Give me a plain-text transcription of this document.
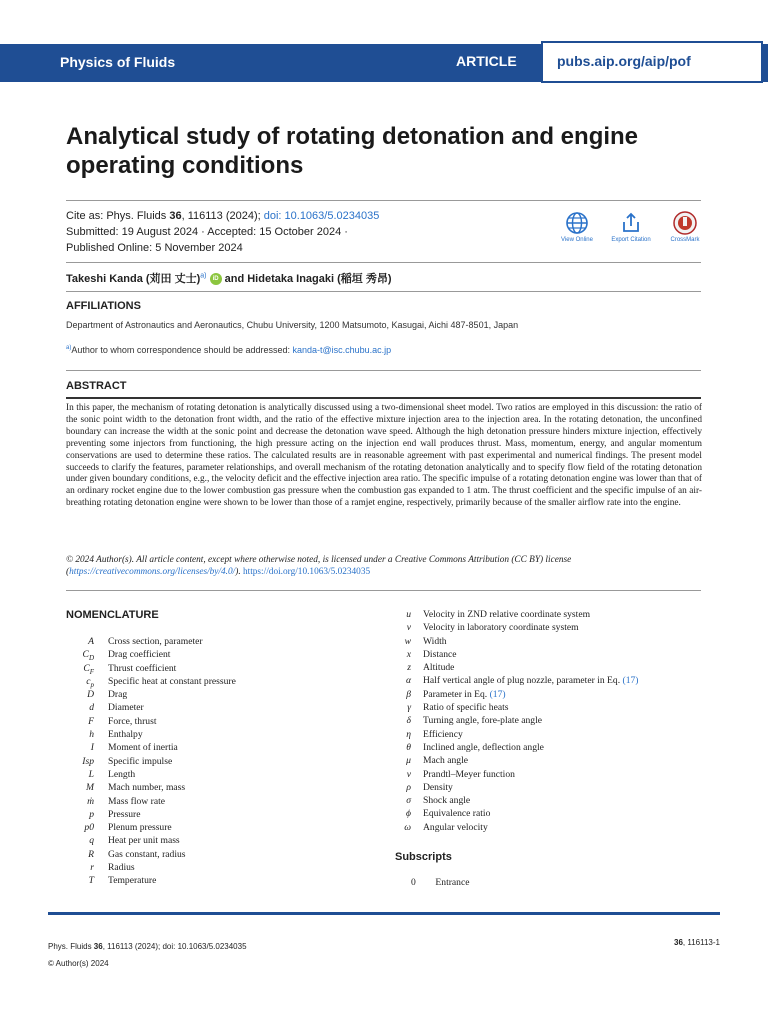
Physics of Fluids	ARTICLE	pubs.aip.org/aip/pof
Analytical study of rotating detonation and engine operating conditions
Cite as: Phys. Fluids 36, 116113 (2024); doi: 10.1063/5.0234035
Submitted: 19 August 2024 · Accepted: 15 October 2024 ·
Published Online: 5 November 2024
View Online	Export Citation	CrossMark
Takeshi Kanda (苅田 丈士)$^{a)}$ iD and Hidetaka Inagaki (稲垣 秀昂)
AFFILIATIONS
Department of Astronautics and Aeronautics, Chubu University, 1200 Matsumoto, Kasugai, Aichi 487-8501, Japan
$^{a)}$Author to whom correspondence should be addressed: kanda-t@isc.chubu.ac.jp
ABSTRACT
In this paper, the mechanism of rotating detonation is analytically discussed using a two-dimensional sheet model. Two ratios are employed in this discussion: the ratio of the sonic point width to the detonation front width, and the ratio of the effective mixture injection area to the injection area. In the rotating detonation, the unconfined boundary can increase the width at the sonic point and decrease the detonation wave speed. Although the high detonation pressure hinders mixture injection, effectively preventing some injectors from functioning, the high pressure acting on the injection end wall produces thrust. Mass, momentum, energy, and angular momentum conservations are used to determine these ratios. The calculated results are in reasonable agreement with past experimental and numerical findings. The present model succeeds to clarify the features, parameter relationships, and overall mechanism of the rotating detonation analytically and to specify flow field of the rotating detonation under given boundary conditions, e.g., the velocity deficit and the effective injection area ratio. The specific impulse of a rotating detonation engine was lower than that of an ordinary rocket engine due to the lower combustion gas pressure when the combustion gas expanded to 1 atm. The thrust coefficient and the specific impulse of an air-breathing rotating detonation engine were shown to be lower than those of a ramjet engine, respectively, primarily because of the smaller airflow rate into the engine.
© 2024 Author(s). All article content, except where otherwise noted, is licensed under a Creative Commons Attribution (CC BY) license (https://creativecommons.org/licenses/by/4.0/). https://doi.org/10.1063/5.0234035
NOMENCLATURE
A Cross section, parameter
$C_D$ Drag coefficient
$C_F$ Thrust coefficient
$c_p$ Specific heat at constant pressure
D Drag
d Diameter
F Force, thrust
h Enthalpy
I Moment of inertia
Isp Specific impulse
L Length
M Mach number, mass
ṁ Mass flow rate
p Pressure
p0 Plenum pressure
q Heat per unit mass
R Gas constant, radius
r Radius
T Temperature
u Velocity in ZND relative coordinate system
v Velocity in laboratory coordinate system
w Width
x Distance
z Altitude
α Half vertical angle of plug nozzle, parameter in Eq. (17)
β Parameter in Eq. (17)
γ Ratio of specific heats
δ Turning angle, fore-plate angle
η Efficiency
θ Inclined angle, deflection angle
μ Mach angle
ν Prandtl–Meyer function
ρ Density
σ Shock angle
ϕ Equivalence ratio
ω Angular velocity
Subscripts
0 Entrance
Phys. Fluids 36, 116113 (2024); doi: 10.1063/5.0234035
© Author(s) 2024
36, 116113-1
